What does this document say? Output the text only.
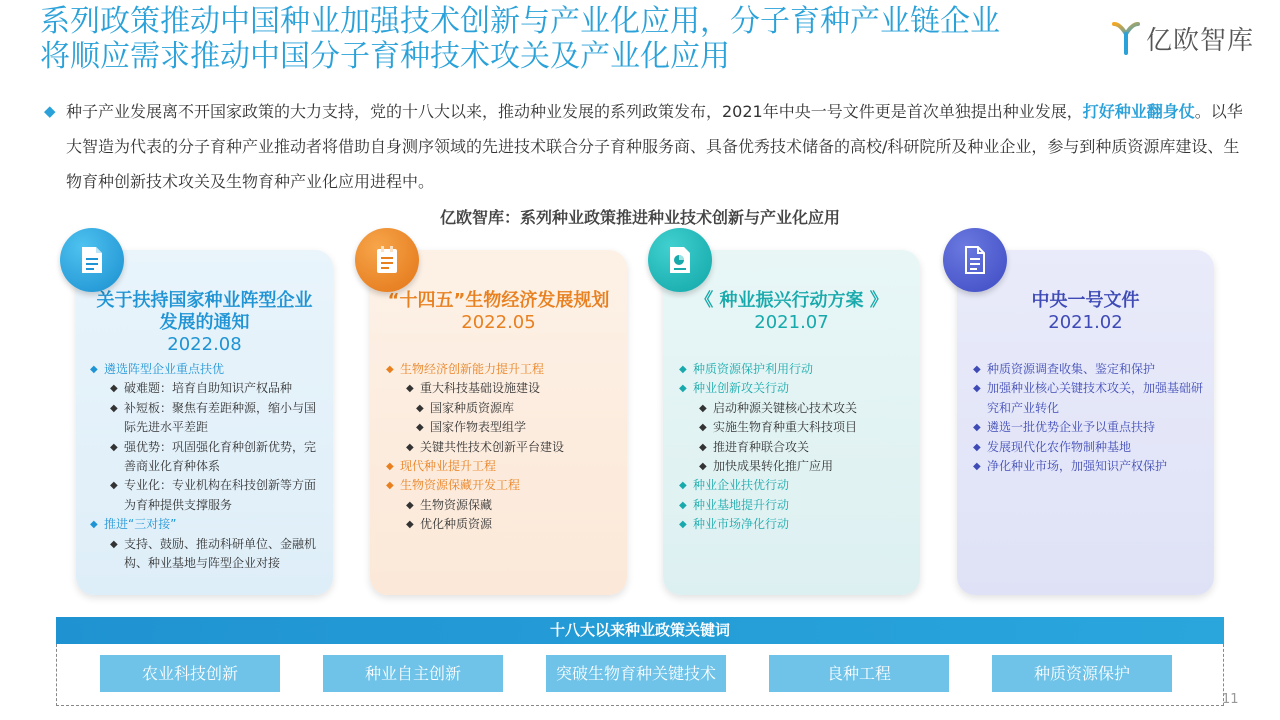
系列政策推动中国种业加强技术创新与产业化应用，分子育种产业链企业
将顺应需求推动中国分子育种技术攻关及产业化应用	亿欧智库
◆ 种子产业发展离不开国家政策的大力支持，党的十八大以来，推动种业发展的系列政策发布，2021年中央一号文件更是首次单独提出种业发展，打好种业翻身仗。以华大智造为代表的分子育种产业推动者将借助自身测序领域的先进技术联合分子育种服务商、具备优秀技术储备的高校/科研院所及种业企业，参与到种质资源库建设、生物育种创新技术攻关及生物育种产业化应用进程中。
亿欧智库：系列种业政策推进种业技术创新与产业化应用
关于扶持国家种业阵型企业发展的通知
2022.08
◆ 遴选阵型企业重点扶优
◆ 破难题：培育自助知识产权品种
◆ 补短板：聚焦有差距种源，缩小与国际先进水平差距
◆ 强优势：巩固强化育种创新优势，完善商业化育种体系
◆ 专业化：专业机构在科技创新等方面为育种提供支撑服务
◆ 推进“三对接”
◆ 支持、鼓励、推动科研单位、金融机构、种业基地与阵型企业对接
“十四五”生物经济发展规划
2022.05
◆ 生物经济创新能力提升工程
◆ 重大科技基础设施建设
◆ 国家种质资源库
◆ 国家作物表型组学
◆ 关键共性技术创新平台建设
◆ 现代种业提升工程
◆ 生物资源保藏开发工程
◆ 生物资源保藏
◆ 优化种质资源
《 种业振兴行动方案 》
2021.07
◆ 种质资源保护利用行动
◆ 种业创新攻关行动
◆ 启动种源关键核心技术攻关
◆ 实施生物育种重大科技项目
◆ 推进育种联合攻关
◆ 加快成果转化推广应用
◆ 种业企业扶优行动
◆ 种业基地提升行动
◆ 种业市场净化行动
中央一号文件
2021.02
◆ 种质资源调查收集、鉴定和保护
◆ 加强种业核心关键技术攻关，加强基础研究和产业转化
◆ 遴选一批优势企业予以重点扶持
◆ 发展现代化农作物制种基地
◆ 净化种业市场，加强知识产权保护
十八大以来种业政策关键词
农业科技创新	种业自主创新	突破生物育种关键技术	良种工程	种质资源保护
11
